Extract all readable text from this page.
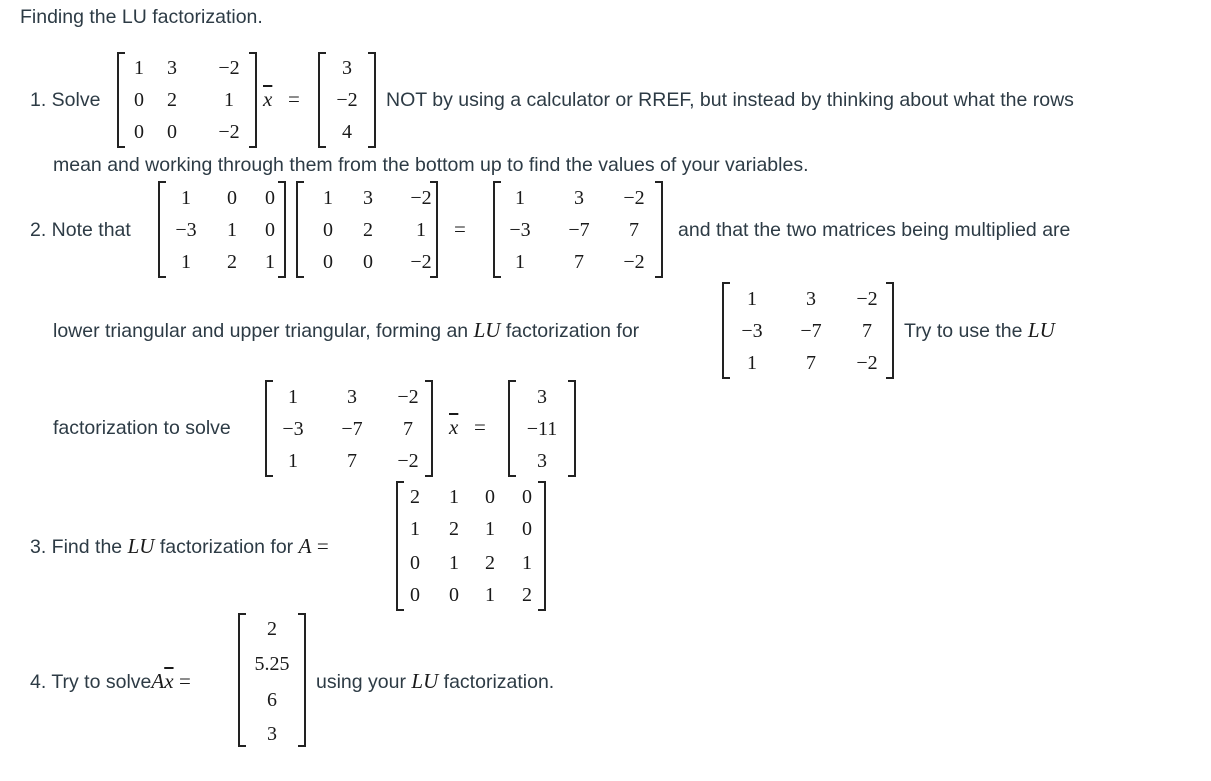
Finding the LU factorization.
1. Solve
1 3 −2
0 2 1
0 0 −2
$\overline{x}$ =
3
−2
4
NOT by using a calculator or RREF, but instead by thinking about what the rows
mean and working through them from the bottom up to find the values of your variables.
2. Note that
1 0 0
−3 1 0
1 2 1
1 3 −2
0 2 1
0 0 −2
=
1 3 −2
−3 −7 7
1 7 −2
and that the two matrices being multiplied are
lower triangular and upper triangular, forming an LU factorization for
1 3 −2
−3 −7 7
1 7 −2
Try to use the LU
factorization to solve
1 3 −2
−3 −7 7
1 7 −2
$\overline{x}$ =
3
−11
3
3. Find the LU factorization for A =
2 1 0 0
1 2 1 0
0 1 2 1
0 0 1 2
4. Try to $solveA\overline{x}$ =
2
5.25
6
3
using your LU factorization.
